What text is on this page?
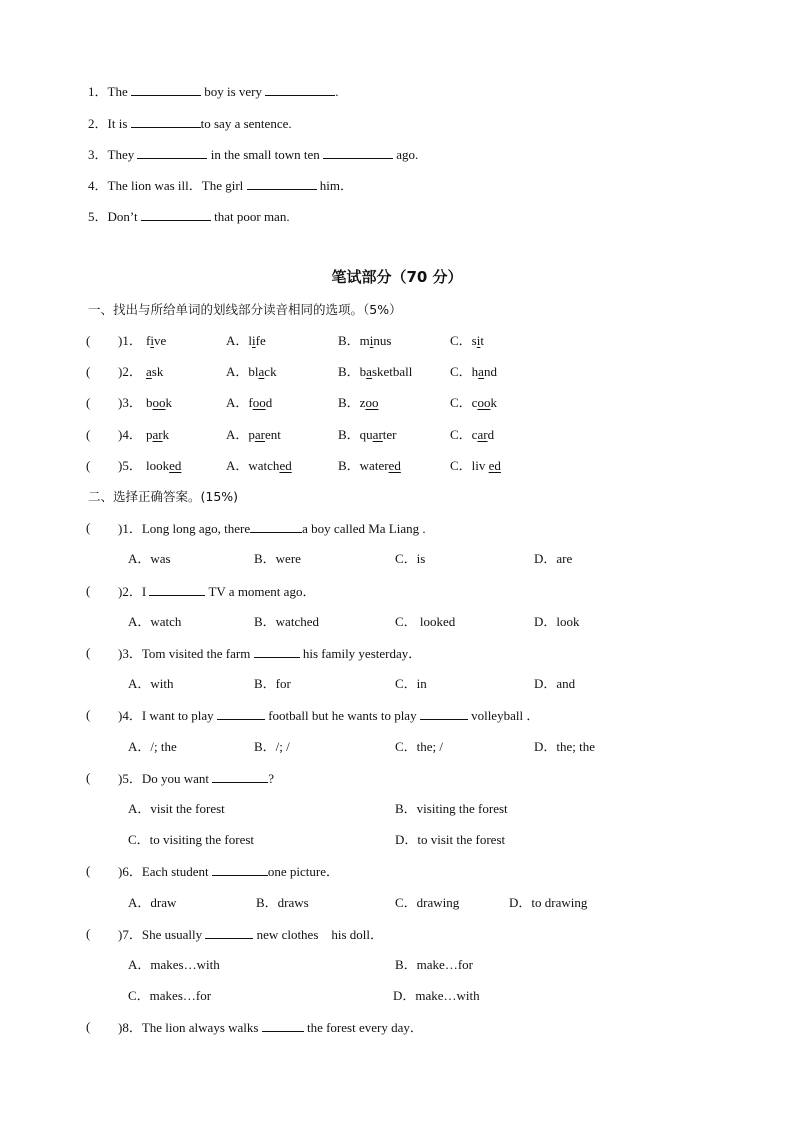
1．The	boy is very	.
2．It is	to say a sentence.
3．They	in the small town ten	ago.
4．The lion was ill．The girl	him．
5．Don’t	that poor man.
笔试部分（70 分）
一、找出与所给单词的划线部分读音相同的选项。（5%）
( )1． five	A．life	B．minus	C．sit
( )2． ask	A．black	B．basketball	C．hand
( )3． book	A．food	B．zoo	C．cook
( )4． park	A．parent	B．quarter	C．card
( )5． looked	A．watched	B．watered	C．liv ed
二、选择正确答案。(15%)
( )1．Long long ago, there	a boy called Ma Liang .
A．was	B．were	C．is	D．are
( )2．I	TV a moment ago．
A．watch	B．watched	C． looked	D．look
( )3．Tom visited the farm	his family yesterday．
A．with	B．for	C．in	D．and
( )4．I want to play	football but he wants to play	volleyball ．
A．/; the	B．/; /	C．the; /	D．the; the
( )5．Do you want	?
A．visit the forest	B．visiting the forest
C．to visiting the forest	D．to visit the forest
( )6．Each student	one picture．
A．draw	B．draws	C．drawing	D．to drawing
( )7．She usually	new clothes    his doll．
A．makes…with	B．make…for
C．makes…for	D．make…with
( )8．The lion always walks	the forest every day．
